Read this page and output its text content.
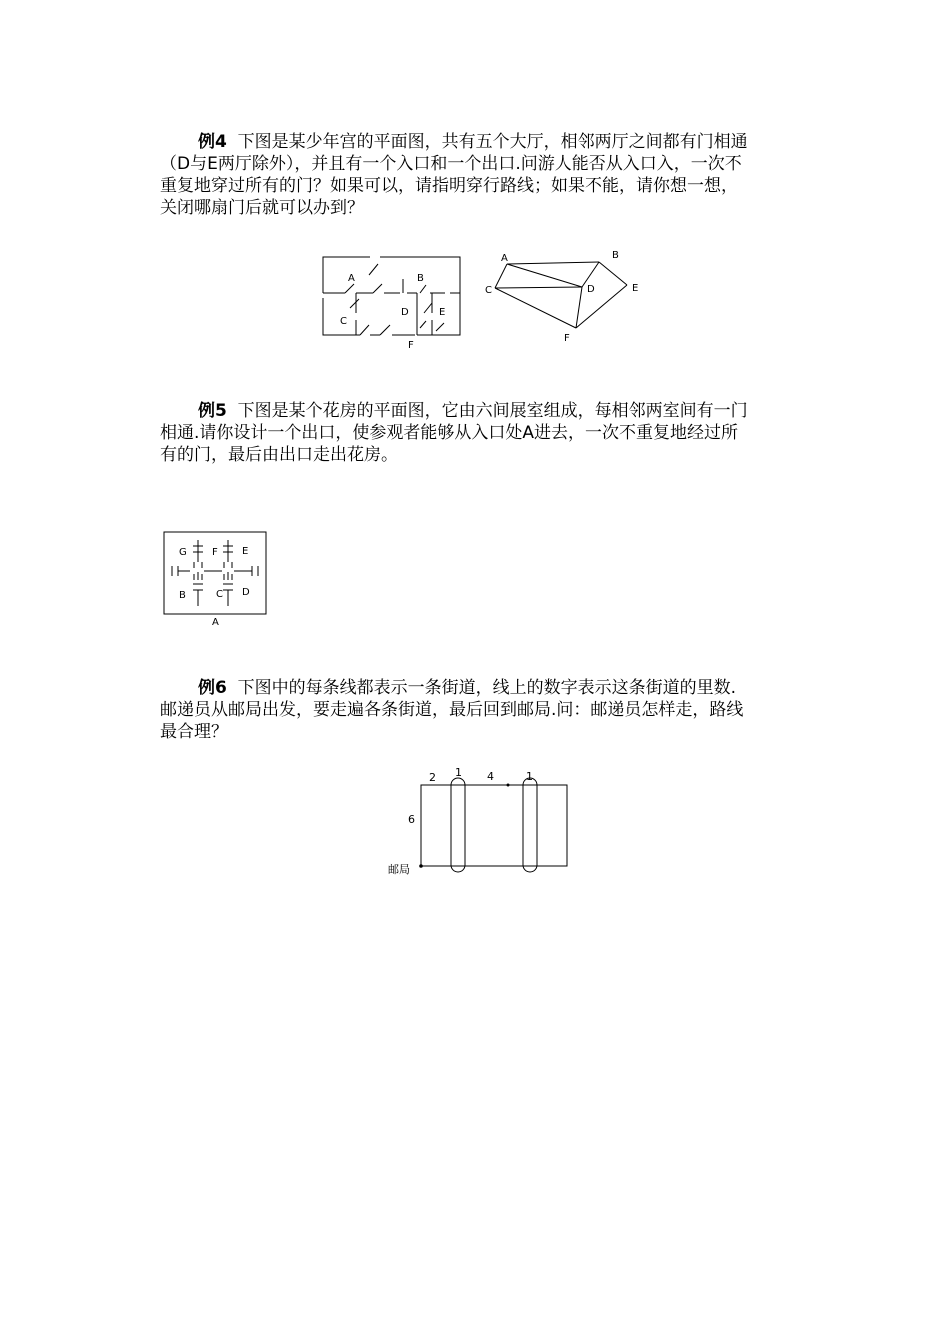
例4 下图是某少年宫的平面图，共有五个大厅，相邻两厅之间都有门相通
（D与E两厅除外），并且有一个入口和一个出口.问游人能否从入口入，一次不
重复地穿过所有的门？如果可以，请指明穿行路线；如果不能，请你想一想，
关闭哪扇门后就可以办到？
A	B
C
D	E
F
A	B
C	D	E
F
例5 下图是某个花房的平面图，它由六间展室组成，每相邻两室间有一门
相通.请你设计一个出口，使参观者能够从入口处A进去，一次不重复地经过所
有的门，最后由出口走出花房。
G	F E
B	C D
A
例6 下图中的每条线都表示一条街道，线上的数字表示这条街道的里数.
邮递员从邮局出发，要走遍各条街道，最后回到邮局.问：邮递员怎样走，路线
最合理？
2 1 4	1
6
邮局
